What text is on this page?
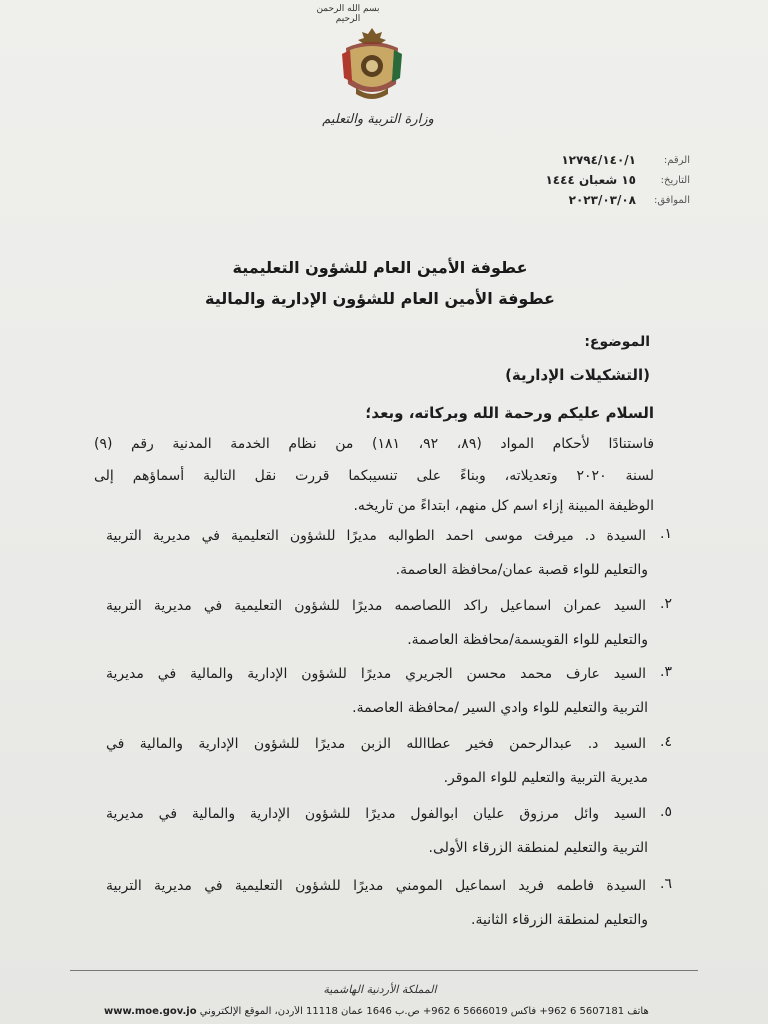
بسم الله الرحمن الرحيم
وزارة التربية والتعليم
الرقم:
١٢٧٩٤/١٤٠/١
التاريخ:
١٥ شعبان ١٤٤٤
الموافق:
٢٠٢٣/٠٣/٠٨
عطوفة الأمين العام للشؤون التعليمية
عطوفة الأمين العام للشؤون الإدارية والمالية
الموضوع:
(التشكيلات الإدارية)
السلام عليكم ورحمة الله وبركاته، وبعد؛
فاستنادًا لأحكام المواد (٨٩، ٩٢، ١٨١) من نظام الخدمة المدنية رقم (٩)
لسنة ٢٠٢٠ وتعديلاته، وبناءً على تنسيبكما قررت نقل التالية أسماؤهم إلى
الوظيفة المبينة إزاء اسم كل منهم، ابتداءً من تاريخه.
١.
السيدة د. ميرفت موسى احمد الطوالبه مديرًا للشؤون التعليمية في مديرية التربية
والتعليم للواء قصبة عمان/محافظة العاصمة.
٢.
السيد عمران اسماعيل راكد اللصاصمه مديرًا للشؤون التعليمية في مديرية التربية
والتعليم للواء القويسمة/محافظة العاصمة.
٣.
السيد عارف محمد محسن الجريري مديرًا للشؤون الإدارية والمالية في مديرية
التربية والتعليم للواء وادي السير /محافظة العاصمة.
٤.
السيد د. عبدالرحمن فخير عطاالله الزبن مديرًا للشؤون الإدارية والمالية في
مديرية التربية والتعليم للواء الموقر.
٥.
السيد وائل مرزوق عليان ابوالفول مديرًا للشؤون الإدارية والمالية في مديرية
التربية والتعليم لمنطقة الزرقاء الأولى.
٦.
السيدة فاطمه فريد اسماعيل المومني مديرًا للشؤون التعليمية في مديرية التربية
والتعليم لمنطقة الزرقاء الثانية.
المملكة الأردنية الهاشمية
www.moe.gov.jo هاتف 5607181 6 962+ فاكس 5666019 6 962+ ص.ب 1646 عمان 11118 الأردن، الموقع الإلكتروني
